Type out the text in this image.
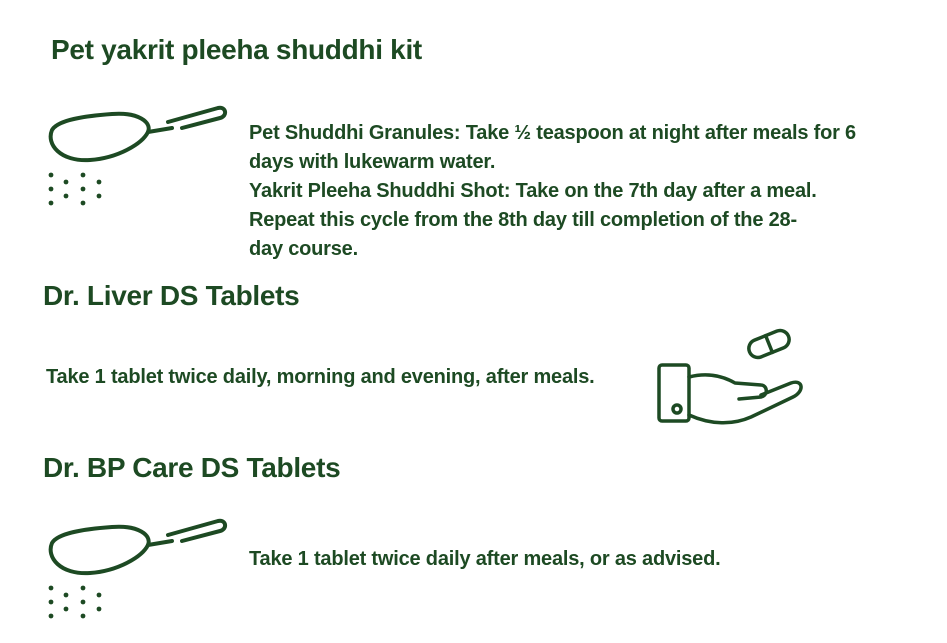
Pet yakrit pleeha shuddhi kit

Pet Shuddhi Granules: Take ½ teaspoon at night after meals for 6
days with lukewarm water.
Yakrit Pleeha Shuddhi Shot: Take on the 7th day after a meal.
Repeat this cycle from the 8th day till completion of the 28-
day course.

Dr. Liver DS Tablets

Take 1 tablet twice daily, morning and evening, after meals.

Dr. BP Care DS Tablets

Take 1 tablet twice daily after meals, or as advised.
